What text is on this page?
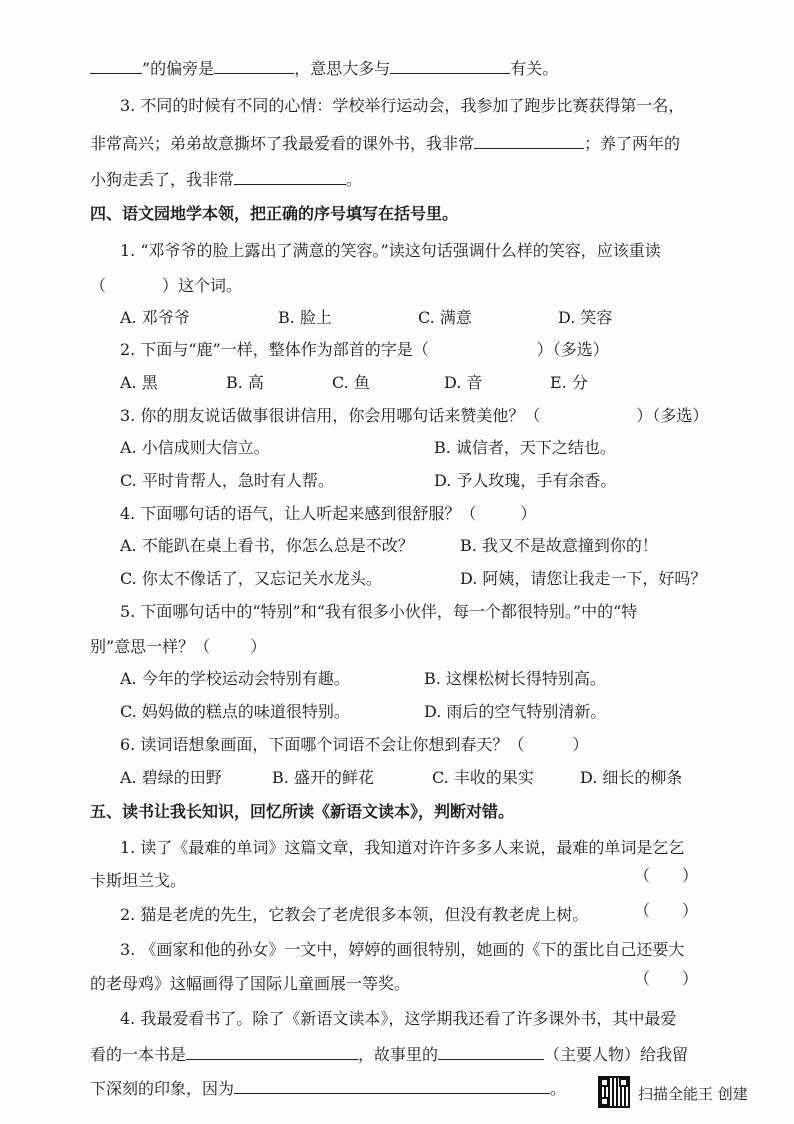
”的偏旁是	，意思大多与	有关。
3. 不同的时候有不同的心情：学校举行运动会，我参加了跑步比赛获得第一名，
非常高兴；弟弟故意撕坏了我最爱看的课外书，我非常	；养了两年的
小狗走丢了，我非常	。
四、语文园地学本领，把正确的序号填写在括号里。
1. “邓爷爷的脸上露出了满意的笑容。”读这句话强调什么样的笑容，应该重读
（	）这个词。
A. 邓爷爷	B. 脸上	C. 满意	D. 笑容
2. 下面与“鹿”一样，整体作为部首的字是（	）（多选）
A. 黑	B. 高	C. 鱼	D. 音	E. 分
3. 你的朋友说话做事很讲信用，你会用哪句话来赞美他？（	）（多选）
A. 小信成则大信立。	B. 诚信者，天下之结也。
C. 平时肯帮人，急时有人帮。	D. 予人玫瑰，手有余香。
4. 下面哪句话的语气，让人听起来感到很舒服？（	）
A. 不能趴在桌上看书，你怎么总是不改？	B. 我又不是故意撞到你的！
C. 你太不像话了，又忘记关水龙头。	D. 阿姨，请您让我走一下，好吗？
5. 下面哪句话中的“特别”和“我有很多小伙伴，每一个都很特别。”中的“特
别”意思一样？（	）
A. 今年的学校运动会特别有趣。	B. 这棵松树长得特别高。
C. 妈妈做的糕点的味道很特别。	D. 雨后的空气特别清新。
6. 读词语想象画面，下面哪个词语不会让你想到春天？（	）
A. 碧绿的田野	B. 盛开的鲜花	C. 丰收的果实	D. 细长的柳条
五、读书让我长知识，回忆所读《新语文读本》，判断对错。
1. 读了《最难的单词》这篇文章，我知道对许许多多人来说，最难的单词是乞乞
卡斯坦兰戈。	（　　）
2. 猫是老虎的先生，它教会了老虎很多本领，但没有教老虎上树。	（　　）
3. 《画家和他的孙女》一文中，婷婷的画很特别，她画的《下的蛋比自己还要大
的老母鸡》这幅画得了国际儿童画展一等奖。	（　　）
4. 我最爱看书了。除了《新语文读本》，这学期我还看了许多课外书，其中最爱
看的一本书是	，故事里的	（主要人物）给我留
下深刻的印象，因为	。	扫描全能王 创建
